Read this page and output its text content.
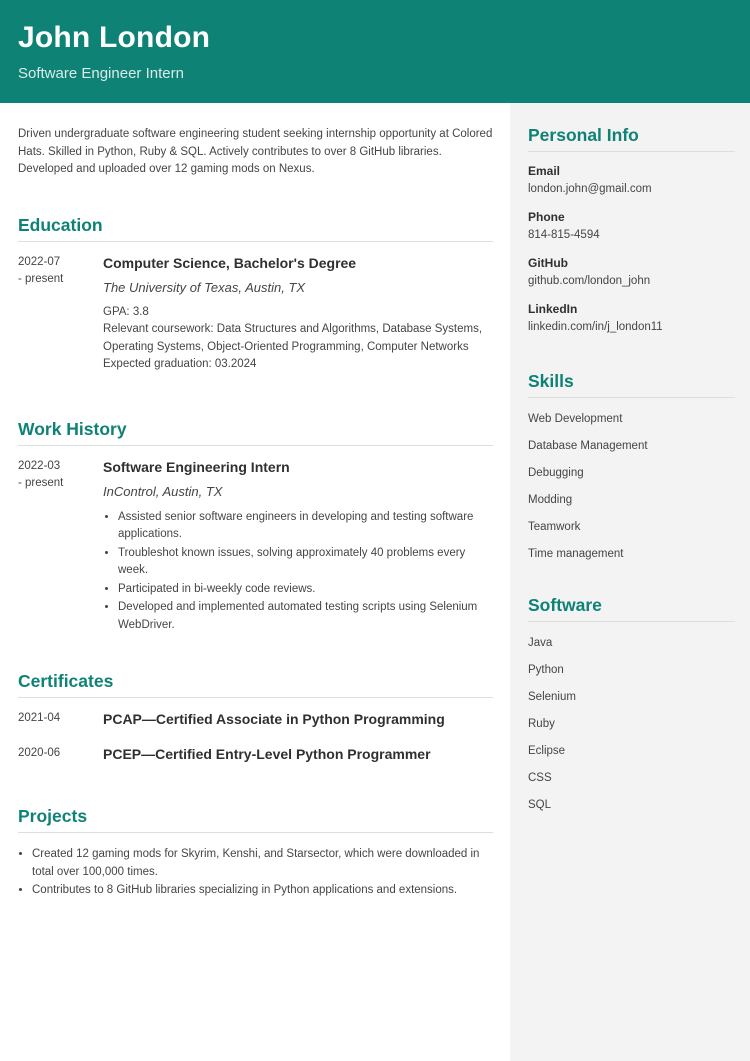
John London
Software Engineer Intern

Driven undergraduate software engineering student seeking internship opportunity at Colored Hats. Skilled in Python, Ruby & SQL. Actively contributes to over 8 GitHub libraries. Developed and uploaded over 12 gaming mods on Nexus.

Education
2022-07
- present
Computer Science, Bachelor's Degree
The University of Texas, Austin, TX
GPA: 3.8
Relevant coursework: Data Structures and Algorithms, Database Systems, Operating Systems, Object-Oriented Programming, Computer Networks
Expected graduation: 03.2024
Work History
2022-03
- present
Software Engineering Intern
InControl, Austin, TX
• Assisted senior software engineers in developing and testing software applications.
• Troubleshot known issues, solving approximately 40 problems every week.
• Participated in bi-weekly code reviews.
• Developed and implemented automated testing scripts using Selenium WebDriver.
Certificates
2021-04	PCAP—Certified Associate in Python Programming
2020-06	PCEP—Certified Entry-Level Python Programmer
Projects
• Created 12 gaming mods for Skyrim, Kenshi, and Starsector, which were downloaded in total over 100,000 times.
• Contributes to 8 GitHub libraries specializing in Python applications and extensions.
Personal Info
Email
london.john@gmail.com
Phone
814-815-4594
GitHub
github.com/london_john
LinkedIn
linkedin.com/in/j_london11
Skills
Web Development
Database Management
Debugging
Modding
Teamwork
Time management
Software
Java
Python
Selenium
Ruby
Eclipse
CSS
SQL
